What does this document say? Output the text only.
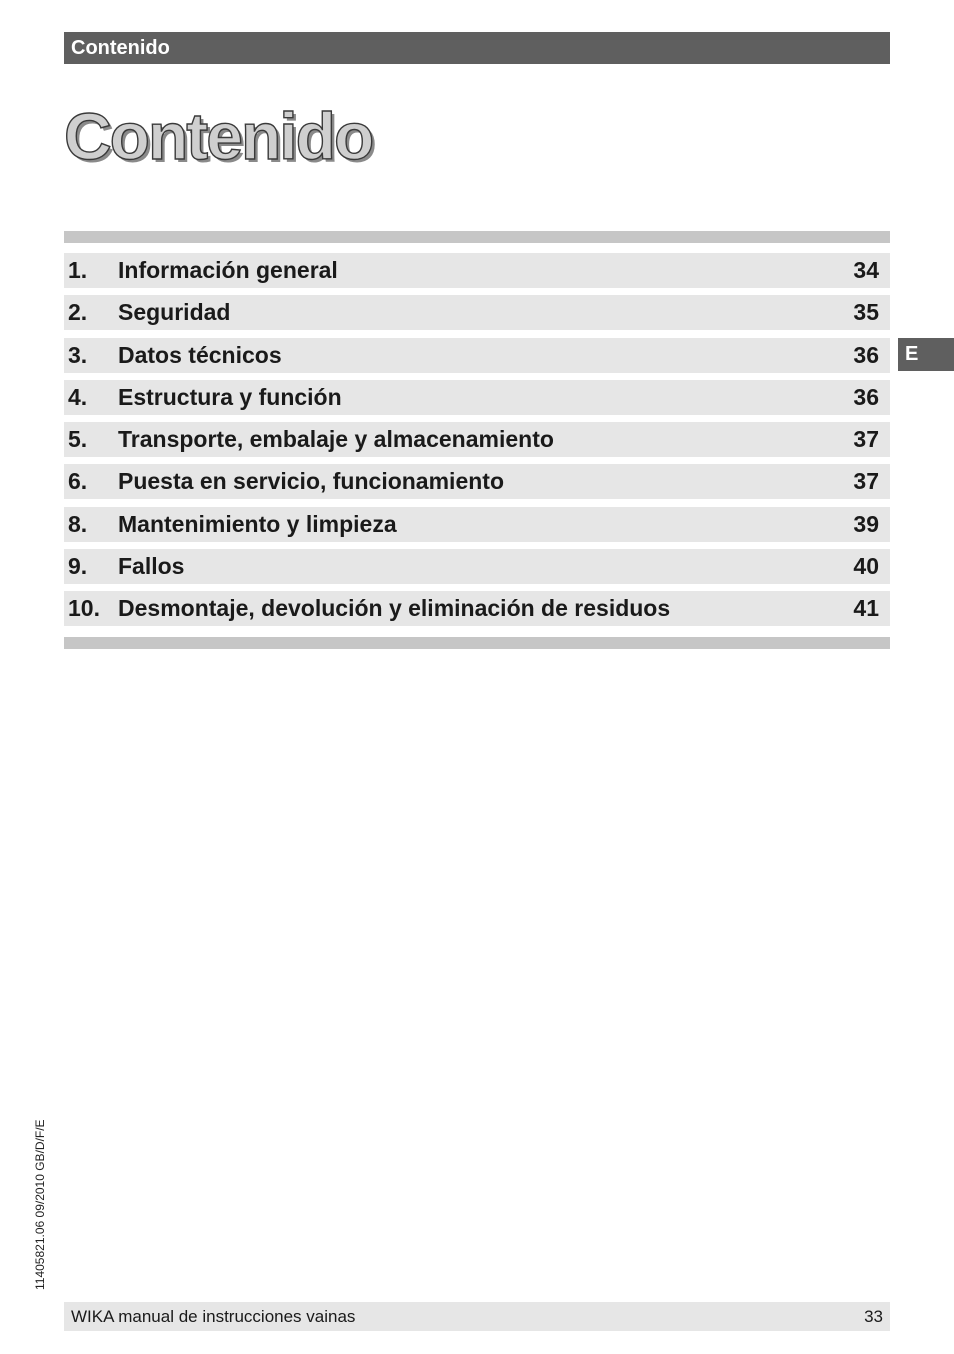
Contenido
Contenido
1. Información general	34
2. Seguridad	35
3. Datos técnicos	36
4. Estructura y función	36
5. Transporte, embalaje y almacenamiento	37
6. Puesta en servicio, funcionamiento	37
8. Mantenimiento y limpieza	39
9. Fallos	40
10. Desmontaje, devolución y eliminación de residuos	41
E
11405821.06 09/2010 GB/D/F/E
WIKA manual de instrucciones vainas	33
